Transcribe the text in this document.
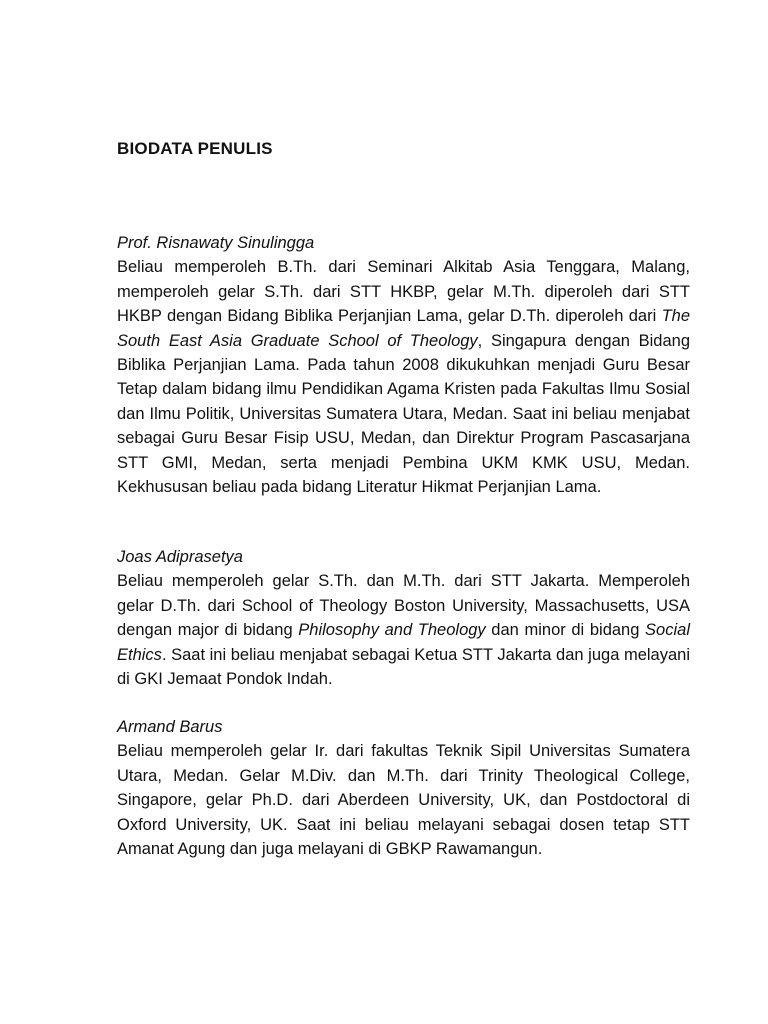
BIODATA PENULIS

Prof. Risnawaty Sinulingga

Beliau memperoleh B.Th. dari Seminari Alkitab Asia Tenggara, Malang, memperoleh gelar S.Th. dari STT HKBP, gelar M.Th. diperoleh dari STT HKBP dengan Bidang Biblika Perjanjian Lama, gelar D.Th. diperoleh dari The South East Asia Graduate School of Theology, Singapura dengan Bidang Biblika Perjanjian Lama. Pada tahun 2008 dikukuhkan menjadi Guru Besar Tetap dalam bidang ilmu Pendidikan Agama Kristen pada Fakultas Ilmu Sosial dan Ilmu Politik, Universitas Sumatera Utara, Medan. Saat ini beliau menjabat sebagai Guru Besar Fisip USU, Medan, dan Direktur Program Pascasarjana STT GMI, Medan, serta menjadi Pembina UKM KMK USU, Medan. Kekhususan beliau pada bidang Literatur Hikmat Perjanjian Lama.

Joas Adiprasetya

Beliau memperoleh gelar S.Th. dan M.Th. dari STT Jakarta. Memperoleh gelar D.Th. dari School of Theology Boston University, Massachusetts, USA dengan major di bidang Philosophy and Theology dan minor di bidang Social Ethics. Saat ini beliau menjabat sebagai Ketua STT Jakarta dan juga melayani di GKI Jemaat Pondok Indah.

Armand Barus

Beliau memperoleh gelar Ir. dari fakultas Teknik Sipil Universitas Sumatera Utara, Medan. Gelar M.Div. dan M.Th. dari Trinity Theological College, Singapore, gelar Ph.D. dari Aberdeen University, UK, dan Postdoctoral di Oxford University, UK. Saat ini beliau melayani sebagai dosen tetap STT Amanat Agung dan juga melayani di GBKP Rawamangun.
